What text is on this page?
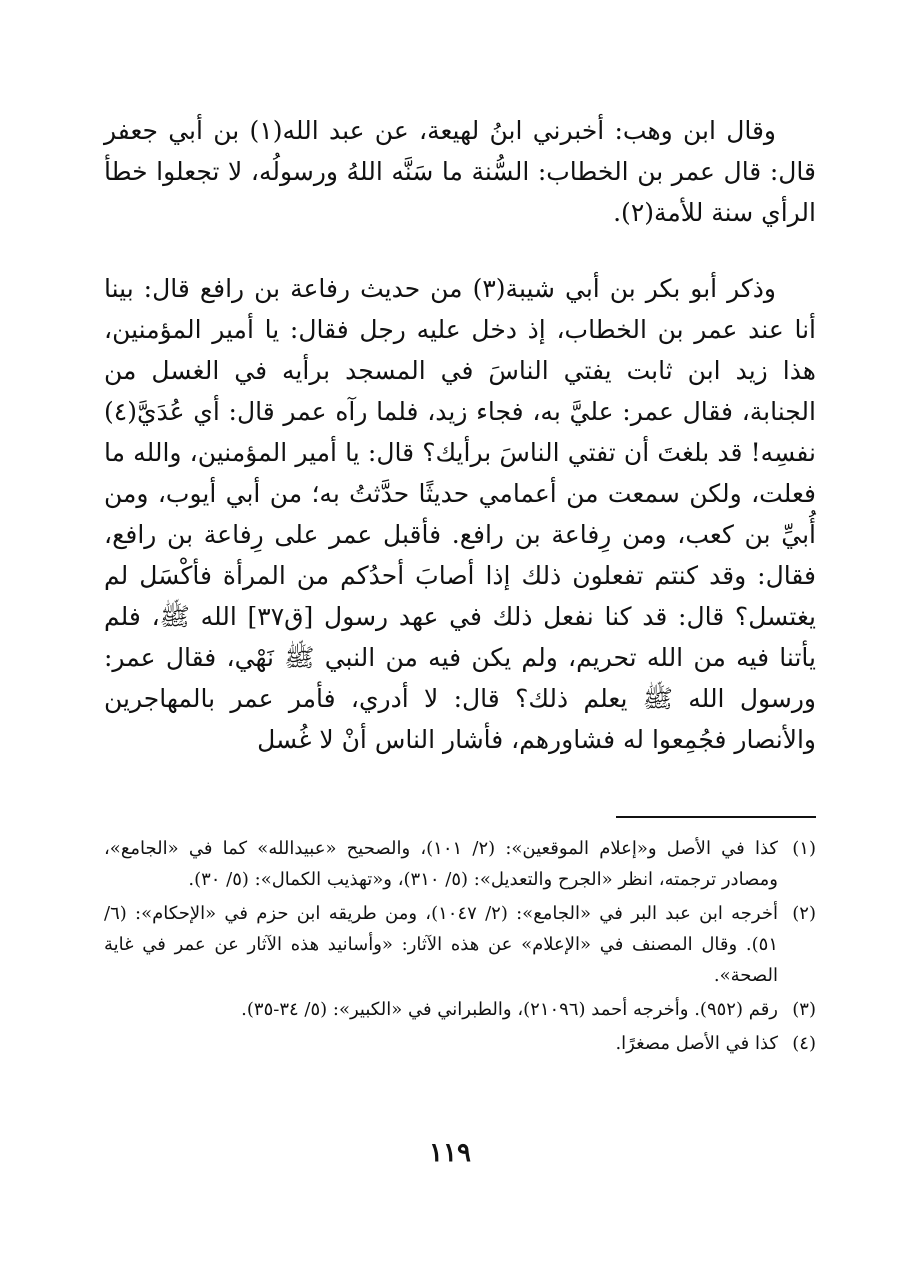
وقال ابن وهب: أخبرني ابنُ لهيعة، عن عبد الله(١) بن أبي جعفر قال: قال عمر بن الخطاب: السُّنة ما سَنَّه اللهُ ورسولُه، لا تجعلوا خطأ الرأي سنة للأمة(٢).

وذكر أبو بكر بن أبي شيبة(٣) من حديث رفاعة بن رافع قال: بينا أنا عند عمر بن الخطاب، إذ دخل عليه رجل فقال: يا أمير المؤمنين، هذا زيد ابن ثابت يفتي الناسَ في المسجد برأيه في الغسل من الجنابة، فقال عمر: عليَّ به، فجاء زيد، فلما رآه عمر قال: أي عُدَيَّ(٤) نفسِه! قد بلغتَ أن تفتي الناسَ برأيك؟ قال: يا أمير المؤمنين، والله ما فعلت، ولكن سمعت من أعمامي حديثًا حدَّثتُ به؛ من أبي أيوب، ومن أُبيِّ بن كعب، ومن رِفاعة بن رافع. فأقبل عمر على رِفاعة بن رافع، فقال: وقد كنتم تفعلون ذلك إذا أصابَ أحدُكم من المرأة فأكْسَل لم يغتسل؟ قال: قد كنا نفعل ذلك في عهد رسول [ق٣٧] الله ﷺ، فلم يأتنا فيه من الله تحريم، ولم يكن فيه من النبي ﷺ نَهْي، فقال عمر: ورسول الله ﷺ يعلم ذلك؟ قال: لا أدري، فأمر عمر بالمهاجرين والأنصار فجُمِعوا له فشاورهم، فأشار الناس أنْ لا غُسل

(١)
كذا في الأصل و«إعلام الموقعين»: (٢/ ١٠١)، والصحيح «عبيدالله» كما في «الجامع»، ومصادر ترجمته، انظر «الجرح والتعديل»: (٥/ ٣١٠)، و«تهذيب الكمال»: (٥/ ٣٠).
(٢)
أخرجه ابن عبد البر في «الجامع»: (٢/ ١٠٤٧)، ومن طريقه ابن حزم في «الإحكام»: (٦/ ٥١). وقال المصنف في «الإعلام» عن هذه الآثار: «وأسانيد هذه الآثار عن عمر في غاية الصحة».
(٣)
رقم (٩٥٢). وأخرجه أحمد (٢١٠٩٦)، والطبراني في «الكبير»: (٥/ ٣٤-٣٥).
(٤)
كذا في الأصل مصغرًا.
١١٩
